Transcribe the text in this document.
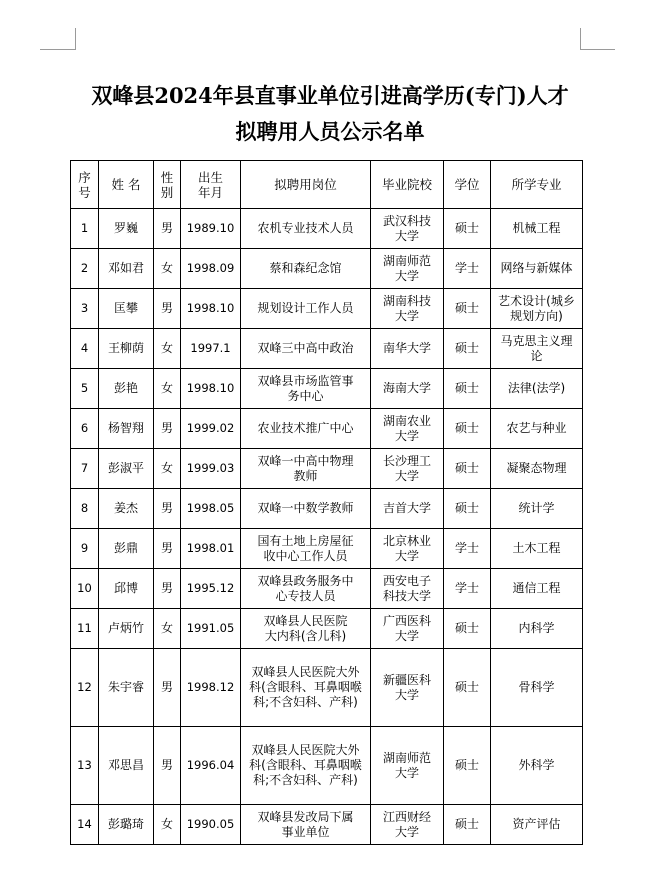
双峰县2024年县直事业单位引进高学历(专门)人才
拟聘用人员公示名单
序号	姓 名	性别	出生年月	拟聘用岗位	毕业院校	学位	所学专业
1	罗巍	男	1989.10	农机专业技术人员	武汉科技大学	硕士	机械工程
2	邓如君	女	1998.09	蔡和森纪念馆	湖南师范大学	学士	网络与新媒体

3	匡攀	男	1998.10	规划设计工作人员	湖南科技大学	硕士	艺术设计(城乡规划方向)

4	王柳荫	女	1997.1	双峰三中高中政治	南华大学	硕士	马克思主义理论

5	彭艳	女	1998.10	双峰县市场监管事务中心	海南大学	硕士	法律(法学)
6	杨智翔	男	1999.02	农业技术推广中心	湖南农业大学	硕士	农艺与种业
7	彭淑平	女	1999.03	双峰一中高中物理教师	长沙理工大学	硕士	凝聚态物理
8	姜杰	男	1998.05	双峰一中数学教师	吉首大学	硕士	统计学
9	彭鼎	男	1998.01	国有土地上房屋征收中心工作人员	北京林业大学	学士	土木工程
10	邱博	男	1995.12	双峰县政务服务中心专技人员	西安电子科技大学	学士	通信工程
11	卢炳竹	女	1991.05	双峰县人民医院大内科(含儿科)	广西医科大学	硕士	内科学
12	朱宇睿	男	1998.12	双峰县人民医院大外科(含眼科、耳鼻咽喉科;不含妇科、产科)	新疆医科大学	硕士	骨科学
13	邓思昌	男	1996.04	双峰县人民医院大外科(含眼科、耳鼻咽喉科;不含妇科、产科)	湖南师范大学	硕士	外科学
14	彭璐琦	女	1990.05	双峰县发改局下属事业单位	江西财经大学	硕士	资产评估
